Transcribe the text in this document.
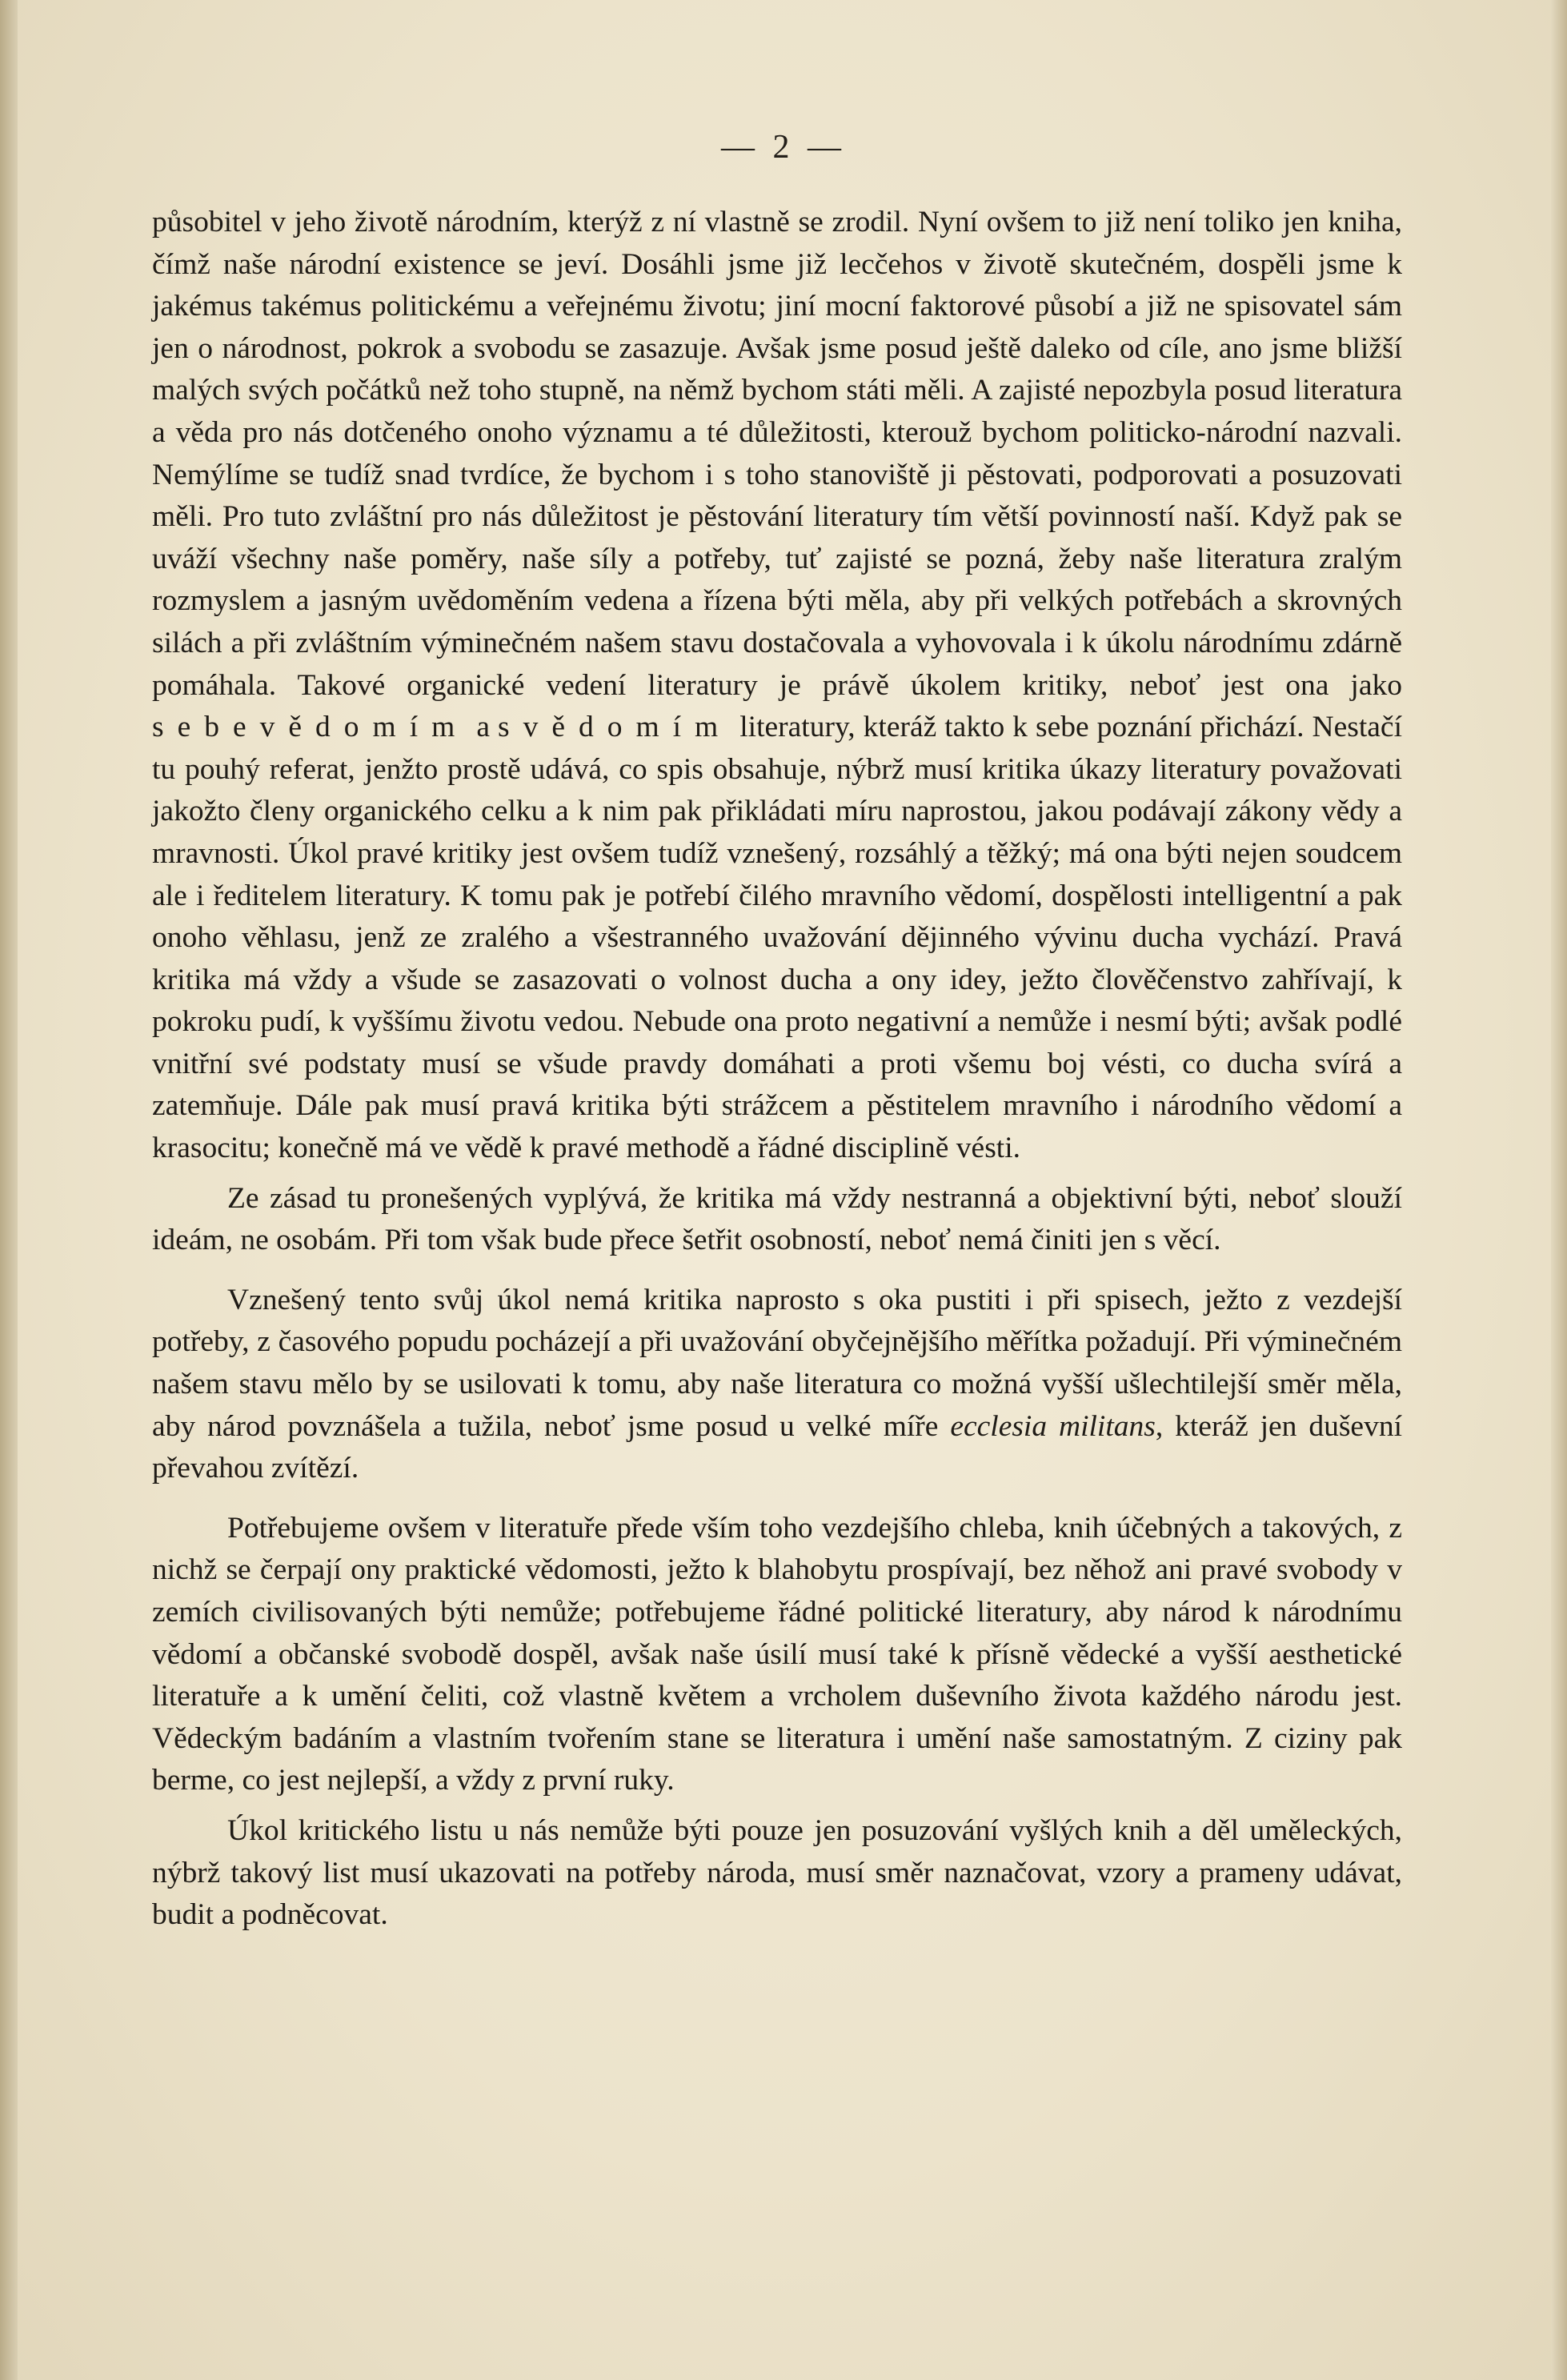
— 2 —

působitel v jeho životě národním, kterýž z ní vlastně se zrodil. Nyní ovšem to již není toliko jen kniha, čímž naše národní existence se jeví. Dosáhli jsme již lecčehos v životě skutečném, dospěli jsme k jakémus takémus politickému a veřejnému životu; jiní mocní faktorové působí a již ne spisovatel sám jen o národnost, pokrok a svobodu se zasazuje. Avšak jsme posud ještě daleko od cíle, ano jsme bližší malých svých počátků než toho stupně, na němž bychom státi měli. A zajisté nepozbyla posud literatura a věda pro nás dotčeného onoho významu a té důležitosti, kterouž bychom politicko-národní nazvali. Nemýlíme se tudíž snad tvrdíce, že bychom i s toho stanoviště ji pěstovati, podporovati a posuzovati měli. Pro tuto zvláštní pro nás důležitost je pěstování literatury tím větší povinností naší. Když pak se uváží všechny naše poměry, naše síly a potřeby, tuť zajisté se pozná, žeby naše literatura zralým rozmyslem a jasným uvědoměním vedena a řízena býti měla, aby při velkých potřebách a skrovných silách a při zvláštním výminečném našem stavu dostačovala a vyhovovala i k úkolu národnímu zdárně pomáhala. Takové organické vedení literatury je právě úkolem kritiky, neboť jest ona jako sebevědomím a svědomím literatury, kteráž takto k sebe poznání přichází. Nestačí tu pouhý referat, jenžto prostě udává, co spis obsahuje, nýbrž musí kritika úkazy literatury považovati jakožto členy organického celku a k nim pak přikládati míru naprostou, jakou podávají zákony vědy a mravnosti. Úkol pravé kritiky jest ovšem tudíž vznešený, rozsáhlý a těžký; má ona býti nejen soudcem ale i ředitelem literatury. K tomu pak je potřebí čilého mravního vědomí, dospělosti intelligentní a pak onoho věhlasu, jenž ze zralého a všestranného uvažování dějinného vývinu ducha vychází. Pravá kritika má vždy a všude se zasazovati o volnost ducha a ony idey, ježto člověčenstvo zahřívají, k pokroku pudí, k vyššímu životu vedou. Nebude ona proto negativní a nemůže i nesmí býti; avšak podlé vnitřní své podstaty musí se všude pravdy domáhati a proti všemu boj vésti, co ducha svírá a zatemňuje. Dále pak musí pravá kritika býti strážcem a pěstitelem mravního i národního vědomí a krasocitu; konečně má ve vědě k pravé methodě a řádné disciplině vésti.

Ze zásad tu pronešených vyplývá, že kritika má vždy nestranná a objektivní býti, neboť slouží ideám, ne osobám. Při tom však bude přece šetřit osobností, neboť nemá činiti jen s věcí.

Vznešený tento svůj úkol nemá kritika naprosto s oka pustiti i při spisech, ježto z vezdejší potřeby, z časového popudu pocházejí a při uvažování obyčejnějšího měřítka požadují. Při výminečném našem stavu mělo by se usilovati k tomu, aby naše literatura co možná vyšší ušlechtilejší směr měla, aby národ povznášela a tužila, neboť jsme posud u velké míře ecclesia militans, kteráž jen duševní převahou zvítězí.

Potřebujeme ovšem v literatuře přede vším toho vezdejšího chleba, knih účebných a takových, z nichž se čerpají ony praktické vědomosti, ježto k blahobytu prospívají, bez něhož ani pravé svobody v zemích civilisovaných býti nemůže; potřebujeme řádné politické literatury, aby národ k národnímu vědomí a občanské svobodě dospěl, avšak naše úsilí musí také k přísně vědecké a vyšší aesthetické literatuře a k umění čeliti, což vlastně květem a vrcholem duševního života každého národu jest. Vědeckým badáním a vlastním tvořením stane se literatura i umění naše samostatným. Z ciziny pak berme, co jest nejlepší, a vždy z první ruky.

Úkol kritického listu u nás nemůže býti pouze jen posuzování vyšlých knih a děl uměleckých, nýbrž takový list musí ukazovati na potřeby národa, musí směr naznačovat, vzory a prameny udávat, budit a podněcovat.
